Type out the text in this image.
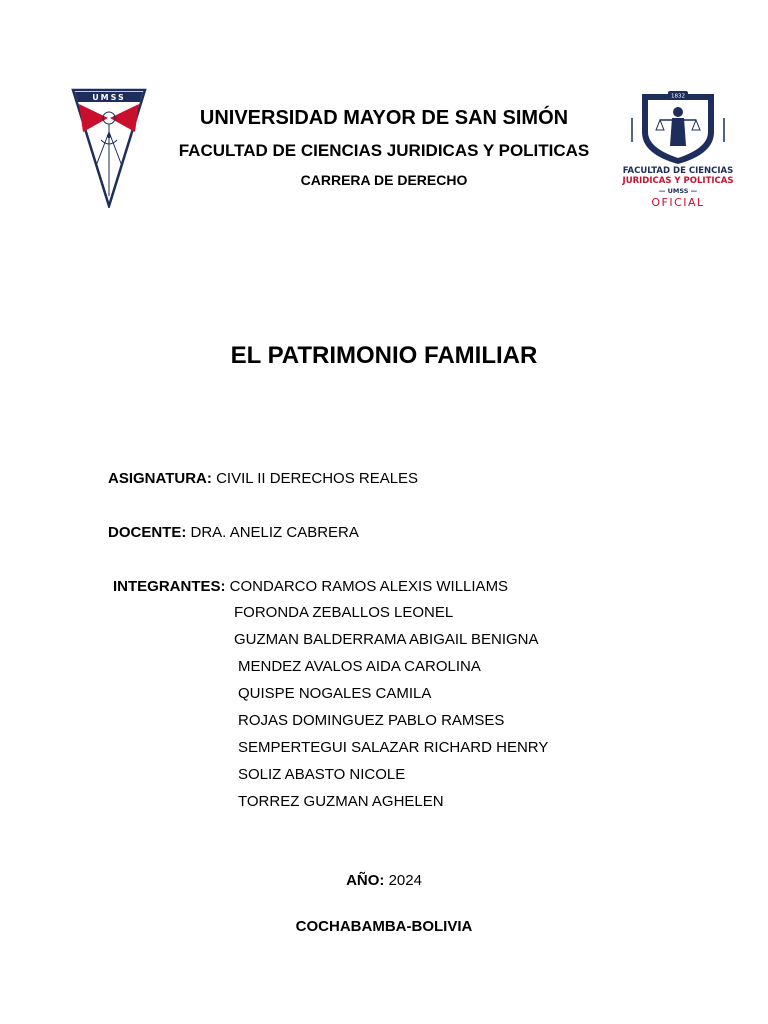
UMSS
UNIVERSIDAD MAYOR DE SAN SIMÓN
FACULTAD DE CIENCIAS JURIDICAS Y POLITICAS
CARRERA DE DERECHO
1832
FACULTAD DE CIENCIAS
JURIDICAS Y POLITICAS
— UMSS —
OFICIAL
EL PATRIMONIO FAMILIAR
ASIGNATURA: CIVIL II DERECHOS REALES
DOCENTE: DRA. ANELIZ CABRERA
INTEGRANTES: CONDARCO RAMOS ALEXIS WILLIAMS
FORONDA ZEBALLOS LEONEL
GUZMAN BALDERRAMA ABIGAIL BENIGNA
MENDEZ AVALOS AIDA CAROLINA
QUISPE NOGALES CAMILA
ROJAS DOMINGUEZ PABLO RAMSES
SEMPERTEGUI SALAZAR RICHARD HENRY
SOLIZ ABASTO NICOLE
TORREZ GUZMAN AGHELEN
AÑO: 2024
COCHABAMBA-BOLIVIA
